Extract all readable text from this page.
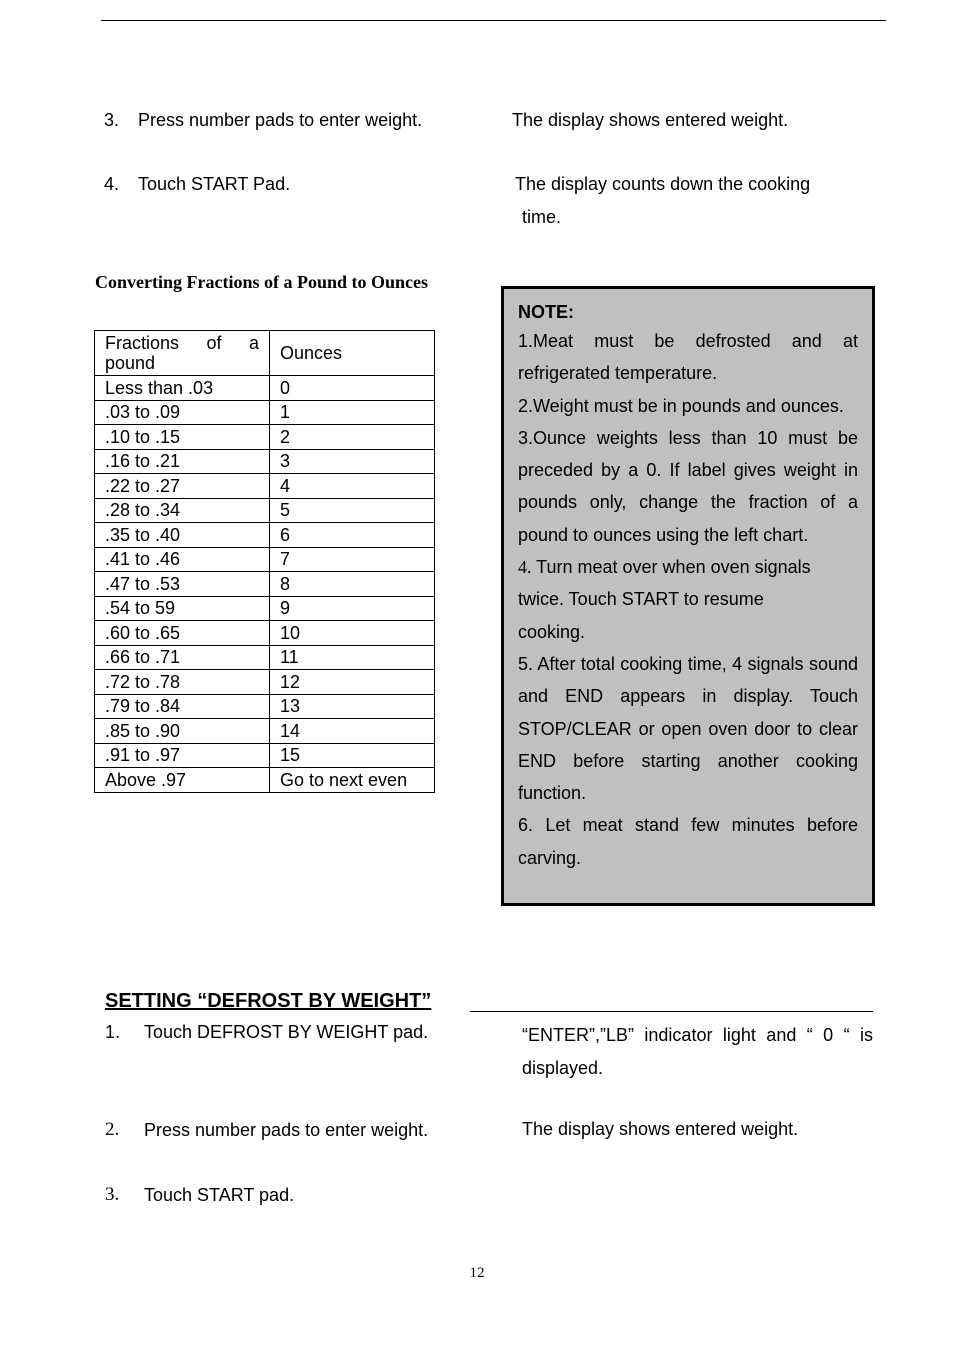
3. Press number pads to enter weight.	The display shows entered weight.
4. Touch START Pad.	The display counts down the cooking
time.
Converting Fractions of a Pound to Ounces
Fractions of a
pound	Ounces
Less than .03	0
.03 to .09	1
.10 to .15	2
.16 to .21	3
.22 to .27	4
.28 to .34	5
.35 to .40	6
.41 to .46	7
.47 to .53	8
.54 to 59	9
.60 to .65	10
.66 to .71	11
.72 to .78	12
.79 to .84	13
.85 to .90	14
.91 to .97	15
Above .97	Go to next even
NOTE:

1.Meat must be defrosted and at refrigerated temperature.

2.Weight must be in pounds and ounces.

3.Ounce weights less than 10 must be preceded by a 0. If label gives weight in pounds only, change the fraction of a pound to ounces using the left chart.

4. Turn meat over when oven signals
twice. Touch START to resume
cooking.

5. After total cooking time, 4 signals sound and END appears in display. Touch STOP/CLEAR or open oven door to clear END before starting another cooking function.

6. Let meat stand few minutes before carving.

SETTING “DEFROST BY WEIGHT”
1. Touch DEFROST BY WEIGHT pad.	“ENTER”,”LB” indicator light and “ 0 “ is displayed.
2. Press number pads to enter weight.	The display shows entered weight.
3. Touch START pad.
12
